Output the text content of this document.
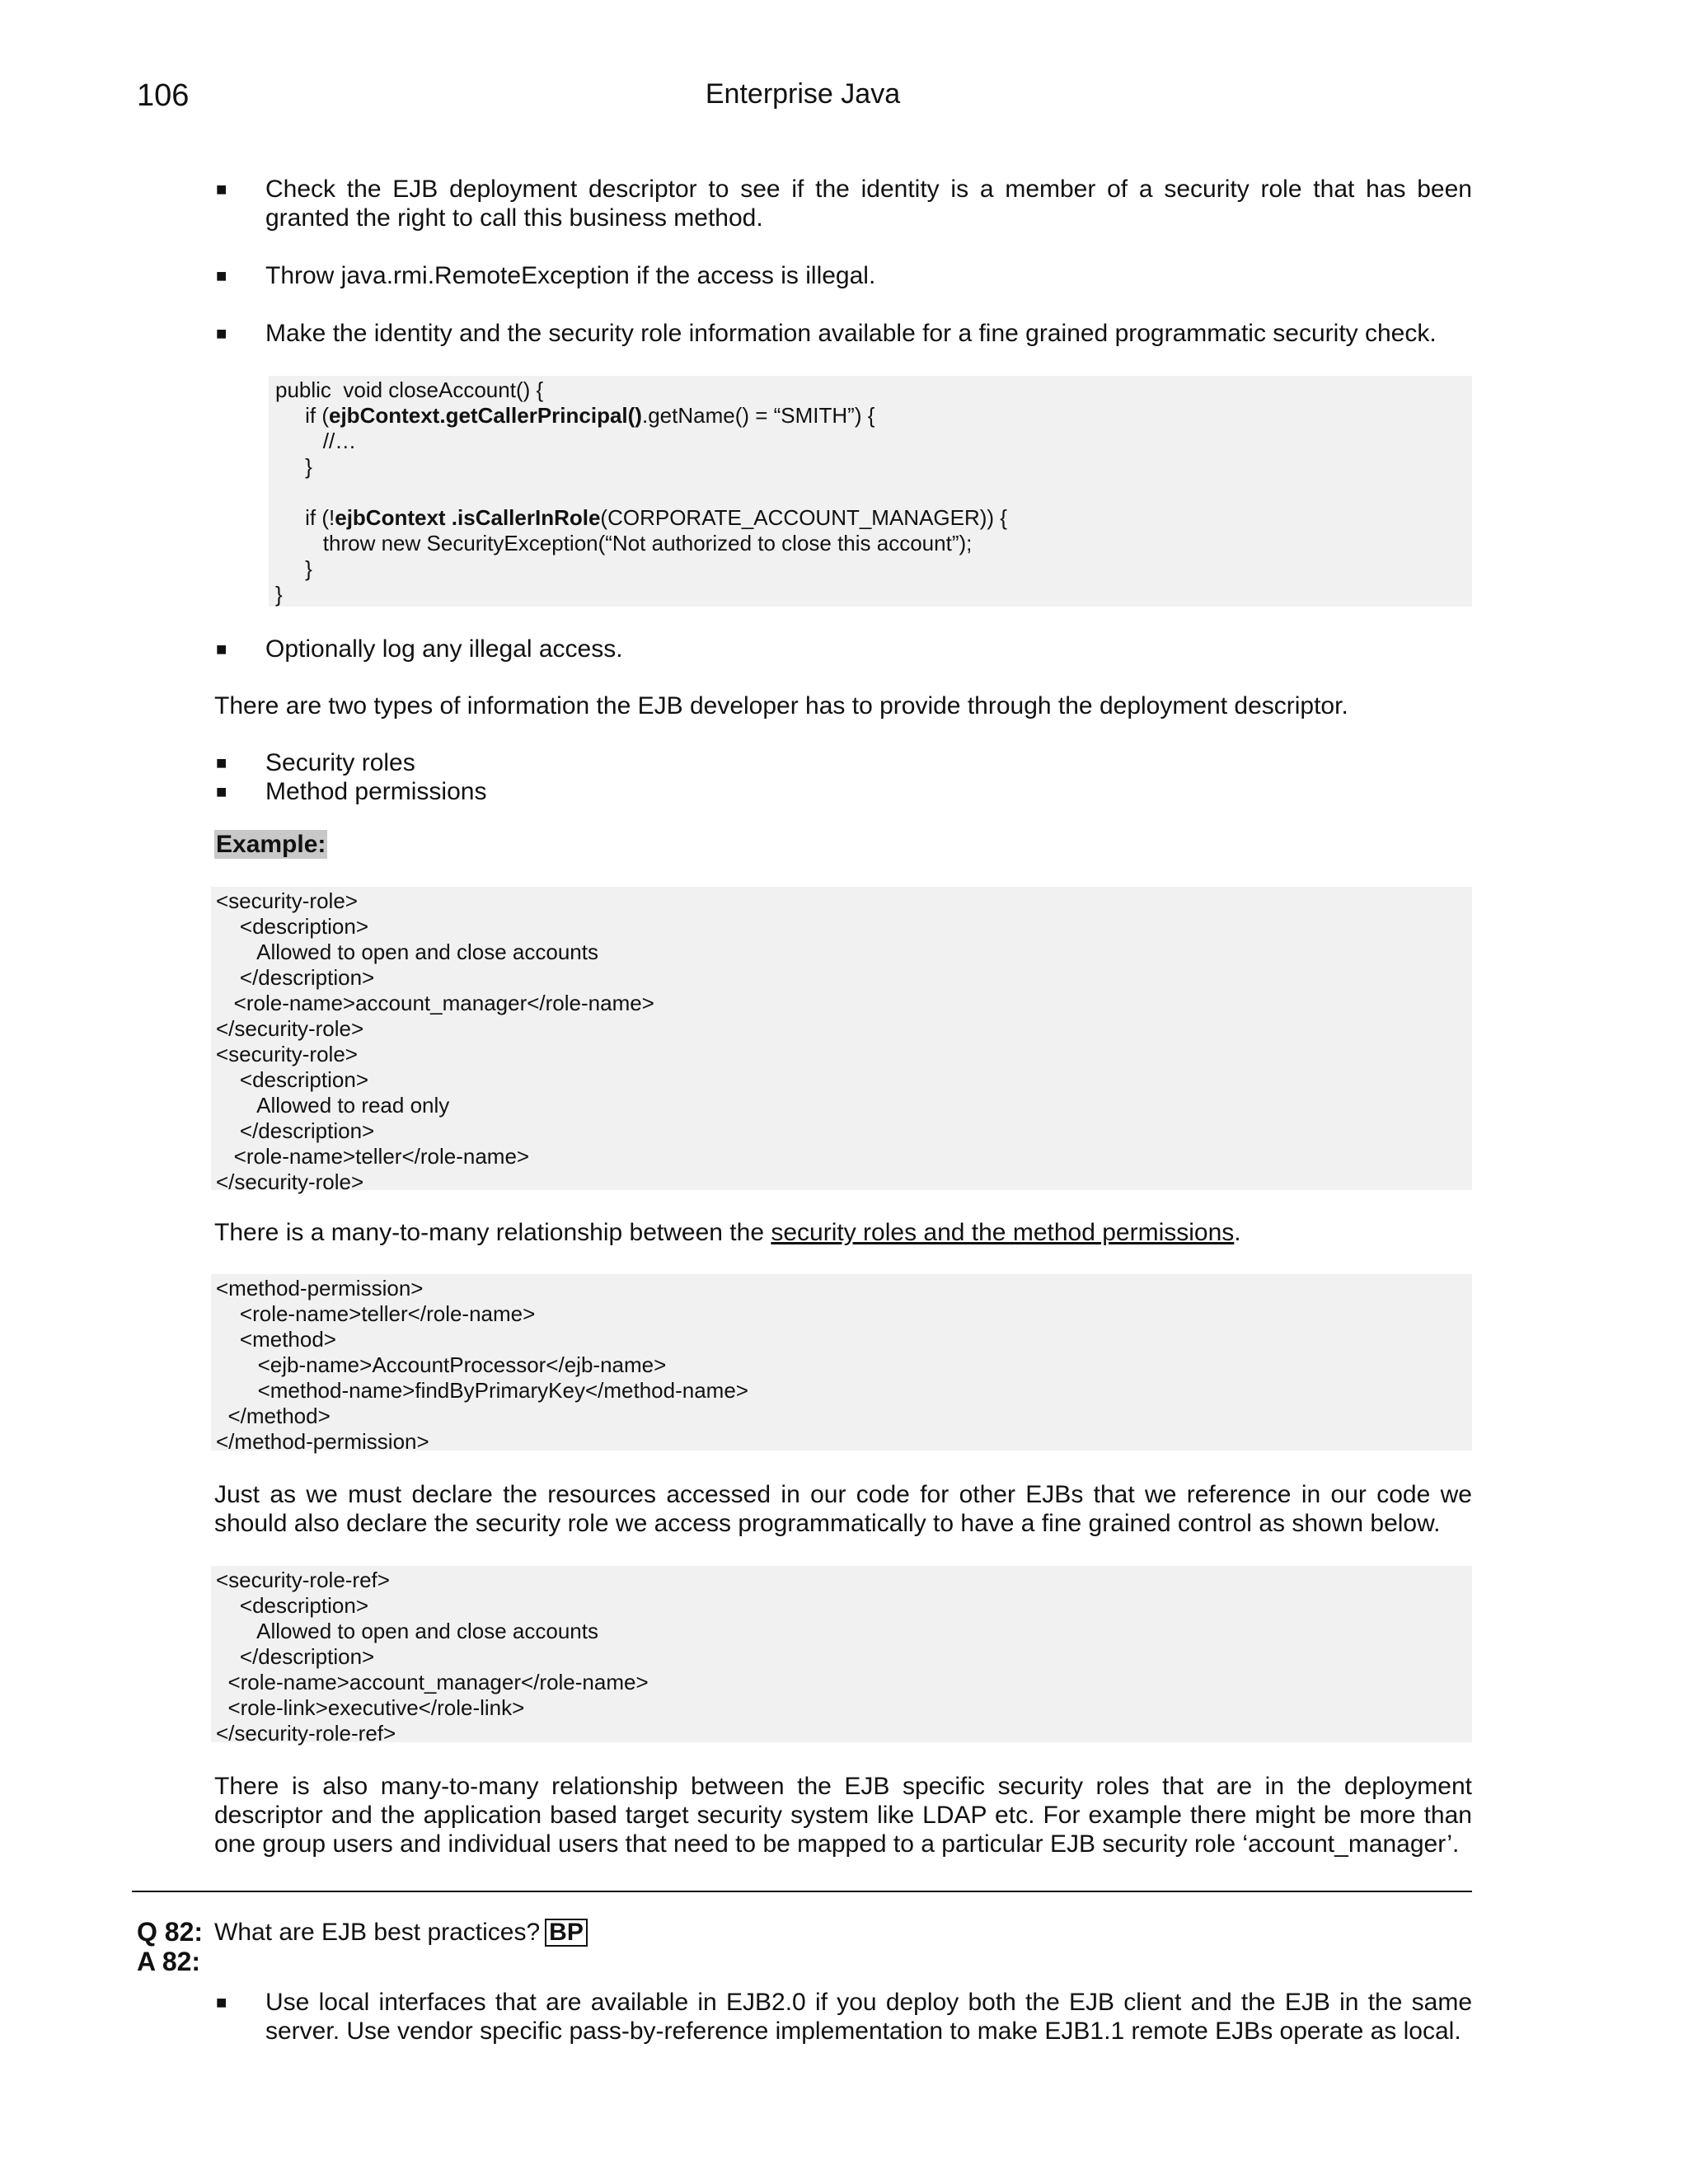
106	Enterprise Java
■ Check the EJB deployment descriptor to see if the identity is a member of a security role that has been granted the right to call this business method.
■ Throw java.rmi.RemoteException if the access is illegal.
■ Make the identity and the security role information available for a fine grained programmatic security check.
public  void closeAccount() {
if (ejbContext.getCallerPrincipal().getName() = “SMITH”) {
//…
}

if (!ejbContext .isCallerInRole(CORPORATE_ACCOUNT_MANAGER)) {
throw new SecurityException(“Not authorized to close this account”);
}
}
■ Optionally log any illegal access.
There are two types of information the EJB developer has to provide through the deployment descriptor.
■ Security roles
■ Method permissions
Example:
<security-role>
<description>
Allowed to open and close accounts
</description>
<role-name>account_manager</role-name>
</security-role>
<security-role>
<description>
Allowed to read only
</description>
<role-name>teller</role-name>
</security-role>
There is a many-to-many relationship between the security roles and the method permissions.
<method-permission>
<role-name>teller</role-name>
<method>
<ejb-name>AccountProcessor</ejb-name>
<method-name>findByPrimaryKey</method-name>
</method>
</method-permission>
Just as we must declare the resources accessed in our code for other EJBs that we reference in our code we should also declare the security role we access programmatically to have a fine grained control as shown below.
<security-role-ref>
<description>
Allowed to open and close accounts
</description>
<role-name>account_manager</role-name>
<role-link>executive</role-link>
</security-role-ref>
There is also many-to-many relationship between the EJB specific security roles that are in the deployment descriptor and the application based target security system like LDAP etc. For example there might be more than one group users and individual users that need to be mapped to a particular EJB security role ‘account_manager’.
Q 82: What are EJB best practices? BP
A 82:
■ Use local interfaces that are available in EJB2.0 if you deploy both the EJB client and the EJB in the same server. Use vendor specific pass-by-reference implementation to make EJB1.1 remote EJBs operate as local.
